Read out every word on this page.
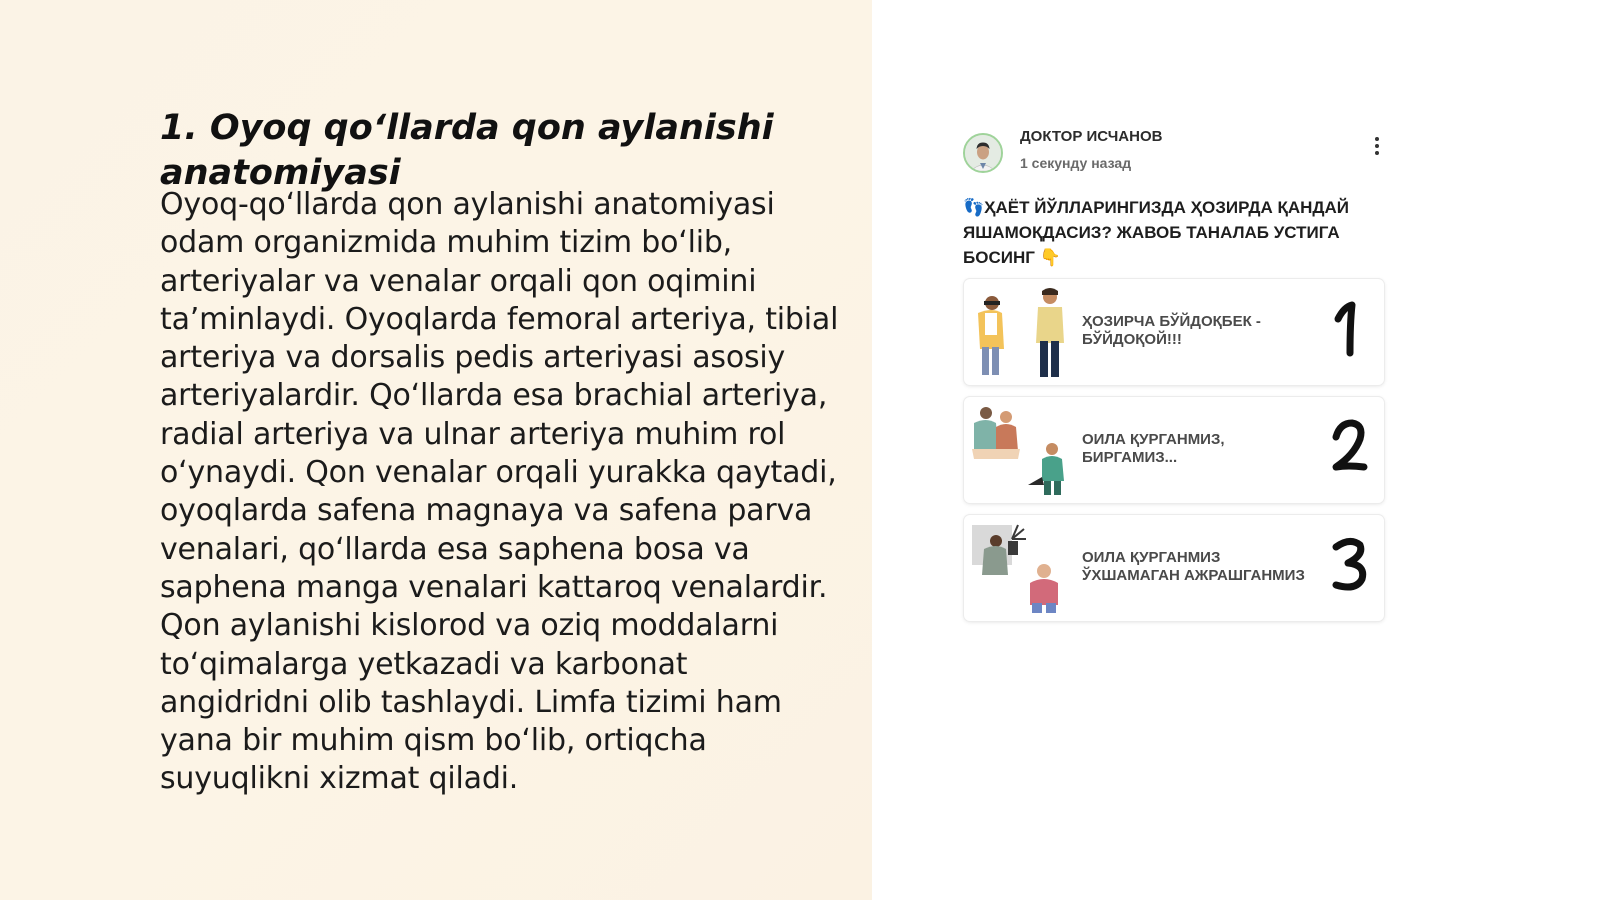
1. Oyoq qo‘llarda qon aylanishi anatomiyasi

Oyoq-qo‘llarda qon aylanishi anatomiyasi odam organizmida muhim tizim bo‘lib, arteriyalar va venalar orqali qon oqimini ta’minlaydi. Oyoqlarda femoral arteriya, tibial arteriya va dorsalis pedis arteriyasi asosiy arteriyalardir. Qo‘llarda esa brachial arteriya, radial arteriya va ulnar arteriya muhim rol o‘ynaydi. Qon venalar orqali yurakka qaytadi, oyoqlarda safena magnaya va safena parva venalari, qo‘llarda esa saphena bosa va saphena manga venalari kattaroq venalardir. Qon aylanishi kislorod va oziq moddalarni to‘qimalarga yetkazadi va karbonat angidridni olib tashlaydi. Limfa tizimi ham yana bir muhim qism bo‘lib, ortiqcha suyuqlikni xizmat qiladi.

ДОКТОР ИСЧАНОВ
1 секунду назад

👣ҲАЁТ ЙЎЛЛАРИНГИЗДА ҲОЗИРДА ҚАНДАЙ ЯШАМОҚДАСИЗ? ЖАВОБ ТАНАЛАБ УСТИГА БОСИНГ 👇

ҲОЗИРЧА БЎЙДОҚБЕК - БЎЙДОҚОЙ!!!
ОИЛА ҚУРГАНМИЗ, БИРГАМИЗ...
ОИЛА ҚУРГАНМИЗ ЎХШАМАГАН АЖРАШГАНМИЗ
